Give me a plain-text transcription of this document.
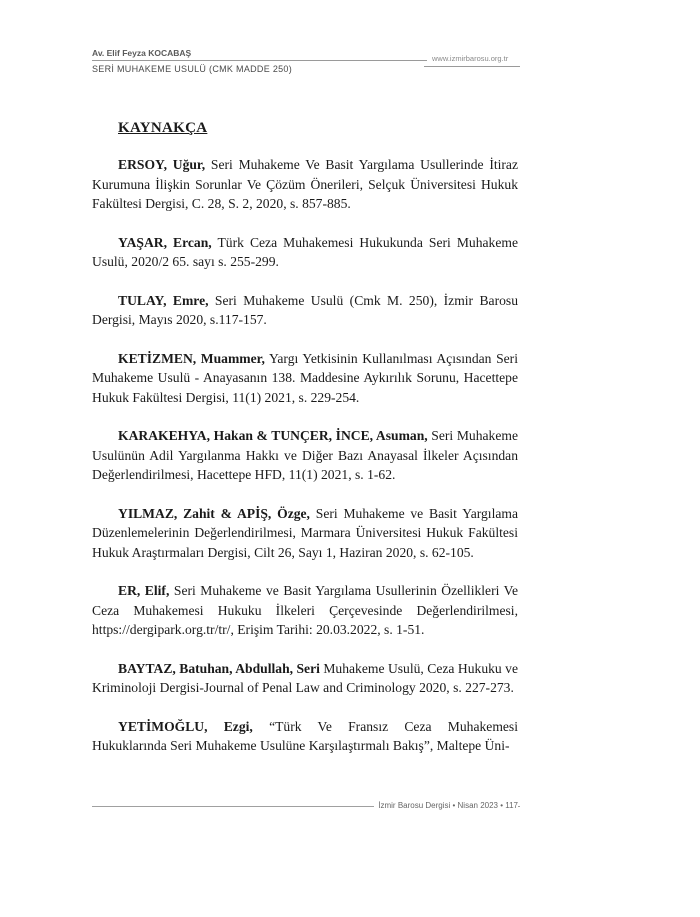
Av. Elif Feyza KOCABAŞ
SERİ MUHAKEME USULÜ (CMK MADDE 250)
www.izmirbarosu.org.tr
KAYNAKÇA

ERSOY, Uğur, Seri Muhakeme Ve Basit Yargılama Usullerinde İtiraz Kurumuna İlişkin Sorunlar Ve Çözüm Önerileri, Selçuk Üniversitesi Hukuk Fakültesi Dergisi, C. 28, S. 2, 2020, s. 857-885.

YAŞAR, Ercan, Türk Ceza Muhakemesi Hukukunda Seri Muhakeme Usulü, 2020/2 65. sayı s. 255-299.

TULAY, Emre, Seri Muhakeme Usulü (Cmk M. 250), İzmir Barosu Dergisi, Mayıs 2020, s.117-157.

KETİZMEN, Muammer, Yargı Yetkisinin Kullanılması Açısından Seri Muhakeme Usulü - Anayasanın 138. Maddesine Aykırılık Sorunu, Hacettepe Hukuk Fakültesi Dergisi, 11(1) 2021, s. 229-254.

KARAKEHYA, Hakan & TUNÇER, İNCE, Asuman, Seri Muhakeme Usulünün Adil Yargılanma Hakkı ve Diğer Bazı Anayasal İlkeler Açısından Değerlendirilmesi, Hacettepe HFD, 11(1) 2021, s. 1-62.

YILMAZ, Zahit & APİŞ, Özge, Seri Muhakeme ve Basit Yargılama Düzenlemelerinin Değerlendirilmesi, Marmara Üniversitesi Hukuk Fakültesi Hukuk Araştırmaları Dergisi, Cilt 26, Sayı 1, Haziran 2020, s. 62-105.

ER, Elif, Seri Muhakeme ve Basit Yargılama Usullerinin Özellikleri Ve Ceza Muhakemesi Hukuku İlkeleri Çerçevesinde Değerlendirilmesi, https://dergipark.org.tr/tr/, Erişim Tarihi: 20.03.2022, s. 1-51.

BAYTAZ, Batuhan, Abdullah, Seri Muhakeme Usulü, Ceza Hukuku ve Kriminoloji Dergisi-Journal of Penal Law and Criminology 2020, s. 227-273.

YETİMOĞLU, Ezgi, “Türk Ve Fransız Ceza Muhakemesi Hukuklarında Seri Muhakeme Usulüne Karşılaştırmalı Bakış”, Maltepe Üni-

İzmir Barosu Dergisi • Nisan 2023 • 117
